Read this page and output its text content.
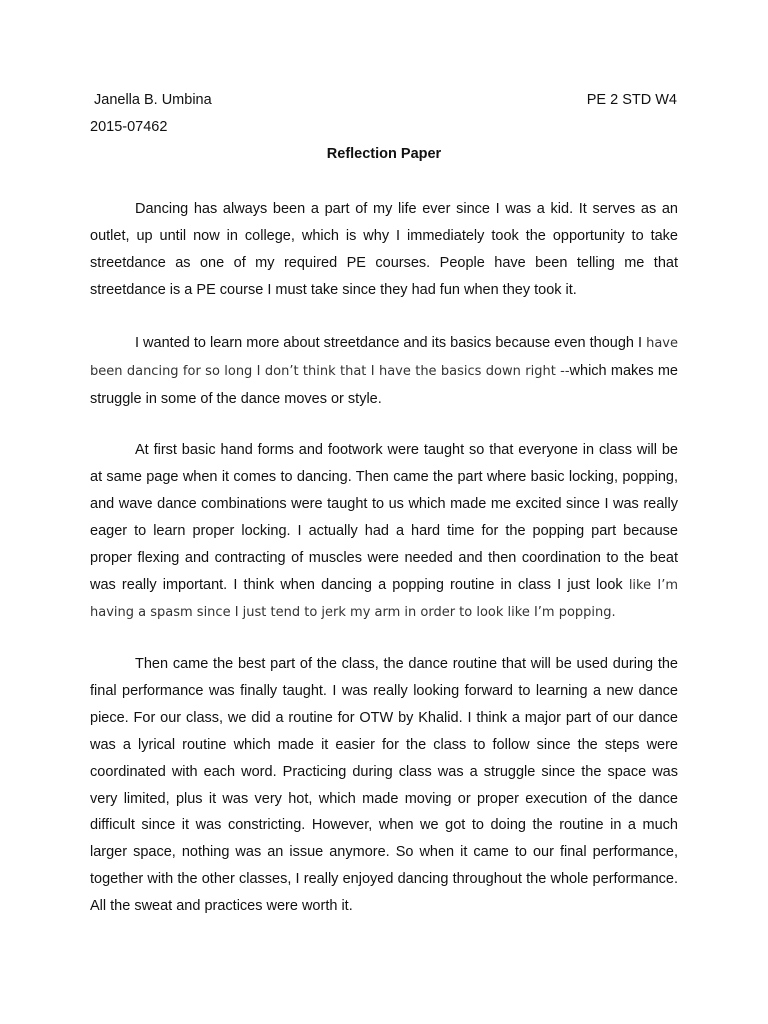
Janella B. Umbina	PE 2 STD W4
2015-07462
Reflection Paper

Dancing has always been a part of my life ever since I was a kid. It serves as an outlet, up until now in college, which is why I immediately took the opportunity to take streetdance as one of my required PE courses. People have been telling me that streetdance is a PE course I must take since they had fun when they took it.

I wanted to learn more about streetdance and its basics because even though I have been dancing for so long I don’t think that I have the basics down right --which makes me struggle in some of the dance moves or style.

At first basic hand forms and footwork were taught so that everyone in class will be at same page when it comes to dancing. Then came the part where basic locking, popping, and wave dance combinations were taught to us which made me excited since I was really eager to learn proper locking. I actually had a hard time for the popping part because proper flexing and contracting of muscles were needed and then coordination to the beat was really important. I think when dancing a popping routine in class I just look like I’m having a spasm since I just tend to jerk my arm in order to look like I’m popping.

Then came the best part of the class, the dance routine that will be used during the final performance was finally taught. I was really looking forward to learning a new dance piece. For our class, we did a routine for OTW by Khalid. I think a major part of our dance was a lyrical routine which made it easier for the class to follow since the steps were coordinated with each word. Practicing during class was a struggle since the space was very limited, plus it was very hot, which made moving or proper execution of the dance difficult since it was constricting. However, when we got to doing the routine in a much larger space, nothing was an issue anymore. So when it came to our final performance, together with the other classes, I really enjoyed dancing throughout the whole performance. All the sweat and practices were worth it.
